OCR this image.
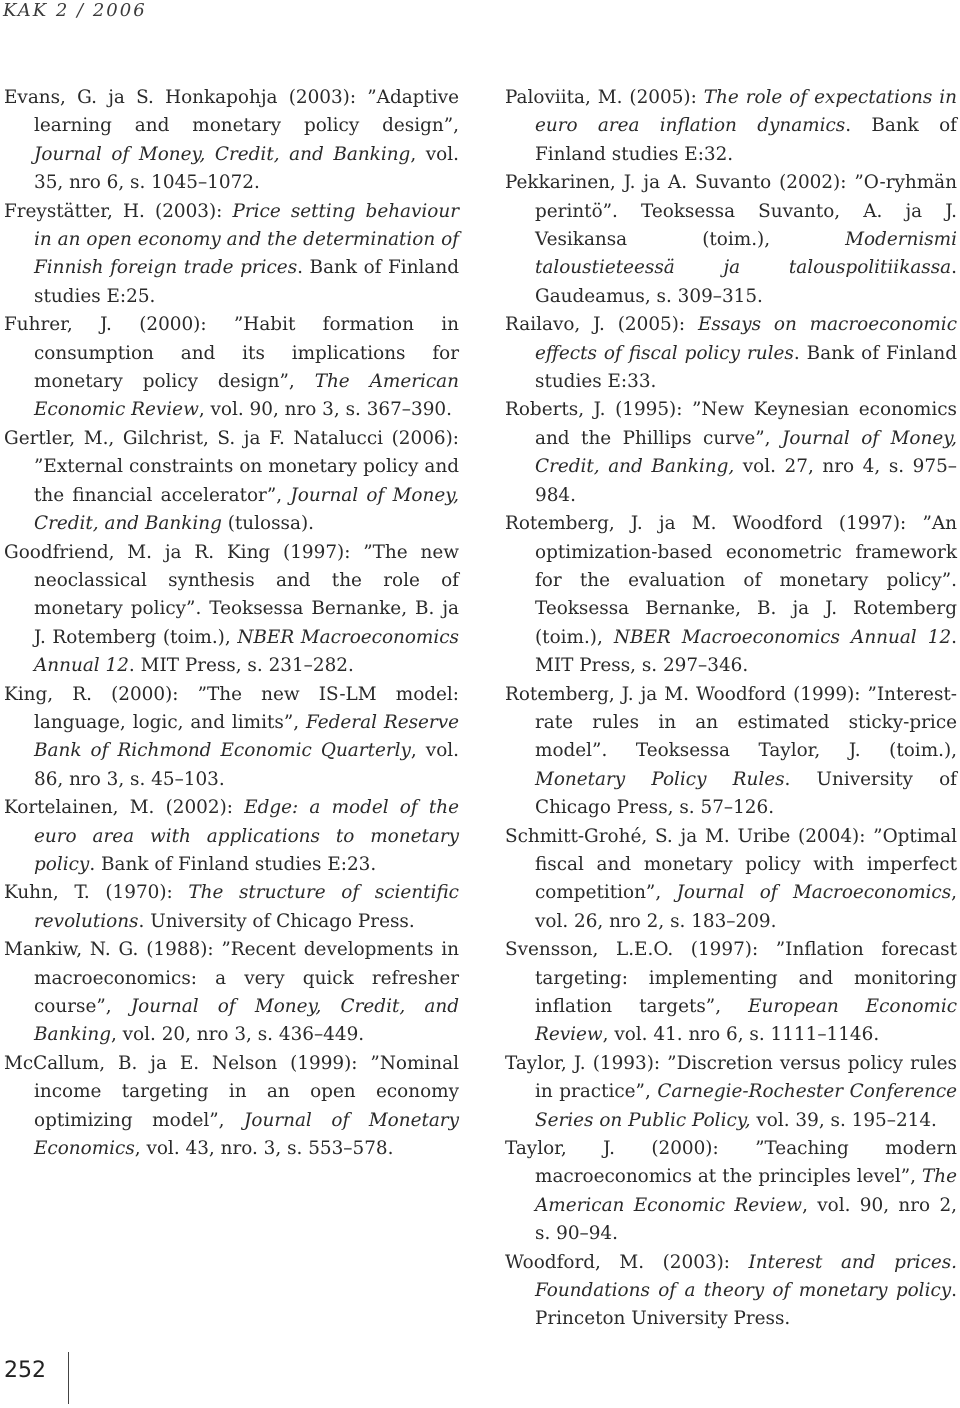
KAK 2 / 2006

Evans, G. ja S. Honkapohja (2003): ”Adaptive learning and monetary policy design”, Journal of Money, Credit, and Banking, vol. 35, nro 6, s. 1045–1072.

Freystätter, H. (2003): Price setting behaviour in an open economy and the determination of Finnish foreign trade prices. Bank of Finland studies E:25.

Fuhrer, J. (2000): ”Habit formation in consumption and its implications for monetary policy design”, The American Economic Review, vol. 90, nro 3, s. 367–390.

Gertler, M., Gilchrist, S. ja F. Natalucci (2006): ”External constraints on monetary policy and the financial accelerator”, Journal of Money, Credit, and Banking (tulossa).

Goodfriend, M. ja R. King (1997): ”The new neoclassical synthesis and the role of monetary policy”. Teoksessa Bernanke, B. ja J. Rotemberg (toim.), NBER Macroeconomics Annual 12. MIT Press, s. 231–282.

King, R. (2000): ”The new IS-LM model: language, logic, and limits”, Federal Reserve Bank of Richmond Economic Quarterly, vol. 86, nro 3, s. 45–103.

Kortelainen, M. (2002): Edge: a model of the euro area with applications to monetary policy. Bank of Finland studies E:23.

Kuhn, T. (1970): The structure of scientific revolutions. University of Chicago Press.

Mankiw, N. G. (1988): ”Recent developments in macroeconomics: a very quick refresher course”, Journal of Money, Credit, and Banking, vol. 20, nro 3, s. 436–449.

McCallum, B. ja E. Nelson (1999): ”Nominal income targeting in an open economy optimizing model”, Journal of Monetary Economics, vol. 43, nro. 3, s. 553–578.

Paloviita, M. (2005): The role of expectations in euro area inflation dynamics. Bank of Finland studies E:32.

Pekkarinen, J. ja A. Suvanto (2002): ”O-ryhmän perintö”. Teoksessa Suvanto, A. ja J. Vesikansa (toim.), Modernismi taloustieteessä ja talouspolitiikassa. Gaudeamus, s. 309–315.

Railavo, J. (2005): Essays on macroeconomic effects of fiscal policy rules. Bank of Finland studies E:33.

Roberts, J. (1995): ”New Keynesian economics and the Phillips curve”, Journal of Money, Credit, and Banking, vol. 27, nro 4, s. 975–984.

Rotemberg, J. ja M. Woodford (1997): ”An optimization-based econometric framework for the evaluation of monetary policy”. Teoksessa Bernanke, B. ja J. Rotemberg (toim.), NBER Macroeconomics Annual 12. MIT Press, s. 297–346.

Rotemberg, J. ja M. Woodford (1999): ”Interest-rate rules in an estimated sticky-price model”. Teoksessa Taylor, J. (toim.), Monetary Policy Rules. University of Chicago Press, s. 57–126.

Schmitt-Grohé, S. ja M. Uribe (2004): ”Optimal fiscal and monetary policy with imperfect competition”, Journal of Macroeconomics, vol. 26, nro 2, s. 183–209.

Svensson, L.E.O. (1997): ”Inflation forecast targeting: implementing and monitoring inflation targets”, European Economic Review, vol. 41. nro 6, s. 1111–1146.

Taylor, J. (1993): ”Discretion versus policy rules in practice”, Carnegie-Rochester Conference Series on Public Policy, vol. 39, s. 195–214.

Taylor, J. (2000): ”Teaching modern macroeconomics at the principles level”, The American Economic Review, vol. 90, nro 2, s. 90–94.

Woodford, M. (2003): Interest and prices. Foundations of a theory of monetary policy. Princeton University Press.

252
